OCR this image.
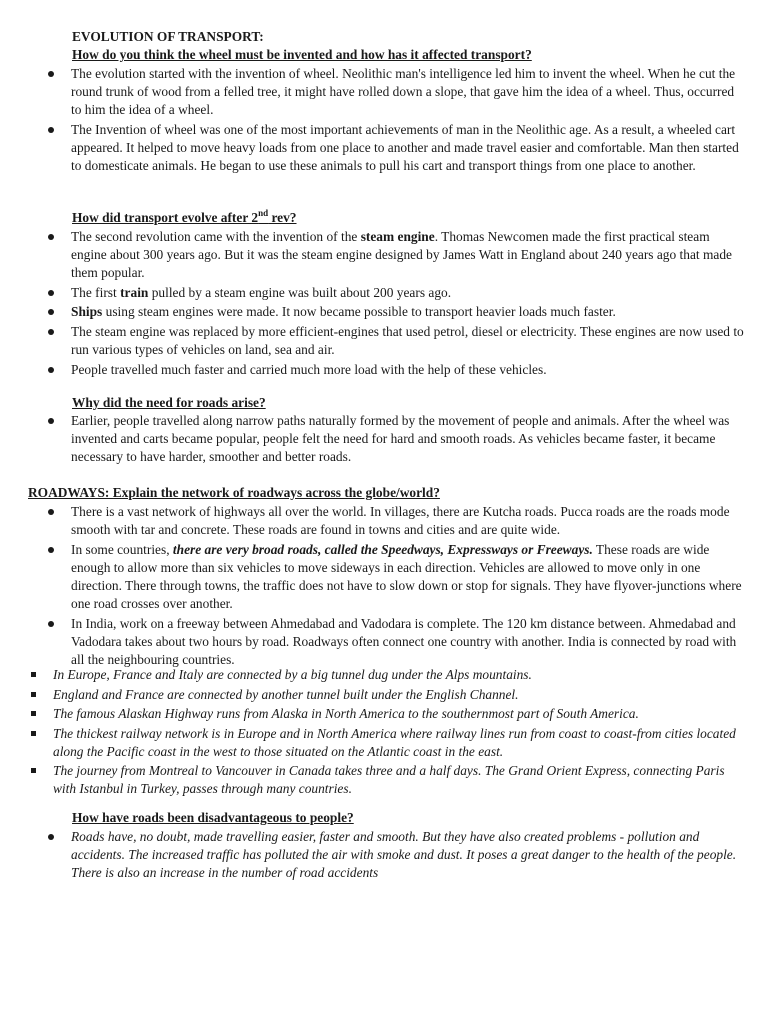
EVOLUTION OF TRANSPORT:
How do you think the wheel must be invented and how has it affected transport?
The evolution started with the invention of wheel. Neolithic man's intelligence led him to invent the wheel. When he cut the round trunk of wood from a felled tree, it might have rolled down a slope, that gave him the idea of a wheel. Thus, occurred to him the idea of a wheel.
The Invention of wheel was one of the most important achievements of man in the Neolithic age. As a result, a wheeled cart appeared. It helped to move heavy loads from one place to another and made travel easier and comfortable. Man then started to domesticate animals. He began to use these animals to pull his cart and transport things from one place to another.
How did transport evolve after 2nd rev?
The second revolution came with the invention of the steam engine. Thomas Newcomen made the first practical steam engine about 300 years ago. But it was the steam engine designed by James Watt in England about 240 years ago that made them popular.
The first train pulled by a steam engine was built about 200 years ago.
Ships using steam engines were made. It now became possible to transport heavier loads much faster.
The steam engine was replaced by more efficient-engines that used petrol, diesel or electricity. These engines are now used to run various types of vehicles on land, sea and air.
People travelled much faster and carried much more load with the help of these vehicles.
Why did the need for roads arise?
Earlier, people travelled along narrow paths naturally formed by the movement of people and animals. After the wheel was invented and carts became popular, people felt the need for hard and smooth roads. As vehicles became faster, it became necessary to have harder, smoother and better roads.
ROADWAYS: Explain the network of roadways across the globe/world?
There is a vast network of highways all over the world. In villages, there are Kutcha roads. Pucca roads are the roads mode smooth with tar and concrete. These roads are found in towns and cities and are quite wide.
In some countries, there are very broad roads, called the Speedways, Expressways or Freeways. These roads are wide enough to allow more than six vehicles to move sideways in each direction. Vehicles are allowed to move only in one direction. There through towns, the traffic does not have to slow down or stop for signals. They have flyover-junctions where one road crosses over another.
In India, work on a freeway between Ahmedabad and Vadodara is complete. The 120 km distance between. Ahmedabad and Vadodara takes about two hours by road. Roadways often connect one country with another. India is connected by road with all the neighbouring countries.
In Europe, France and Italy are connected by a big tunnel dug under the Alps mountains.
England and France are connected by another tunnel built under the English Channel.
The famous Alaskan Highway runs from Alaska in North America to the southernmost part of South America.
The thickest railway network is in Europe and in North America where railway lines run from coast to coast-from cities located along the Pacific coast in the west to those situated on the Atlantic coast in the east.
The journey from Montreal to Vancouver in Canada takes three and a half days. The Grand Orient Express, connecting Paris with Istanbul in Turkey, passes through many countries.
How have roads been disadvantageous to people?
Roads have, no doubt, made travelling easier, faster and smooth. But they have also created problems - pollution and accidents. The increased traffic has polluted the air with smoke and dust. It poses a great danger to the health of the people. There is also an increase in the number of road accidents
